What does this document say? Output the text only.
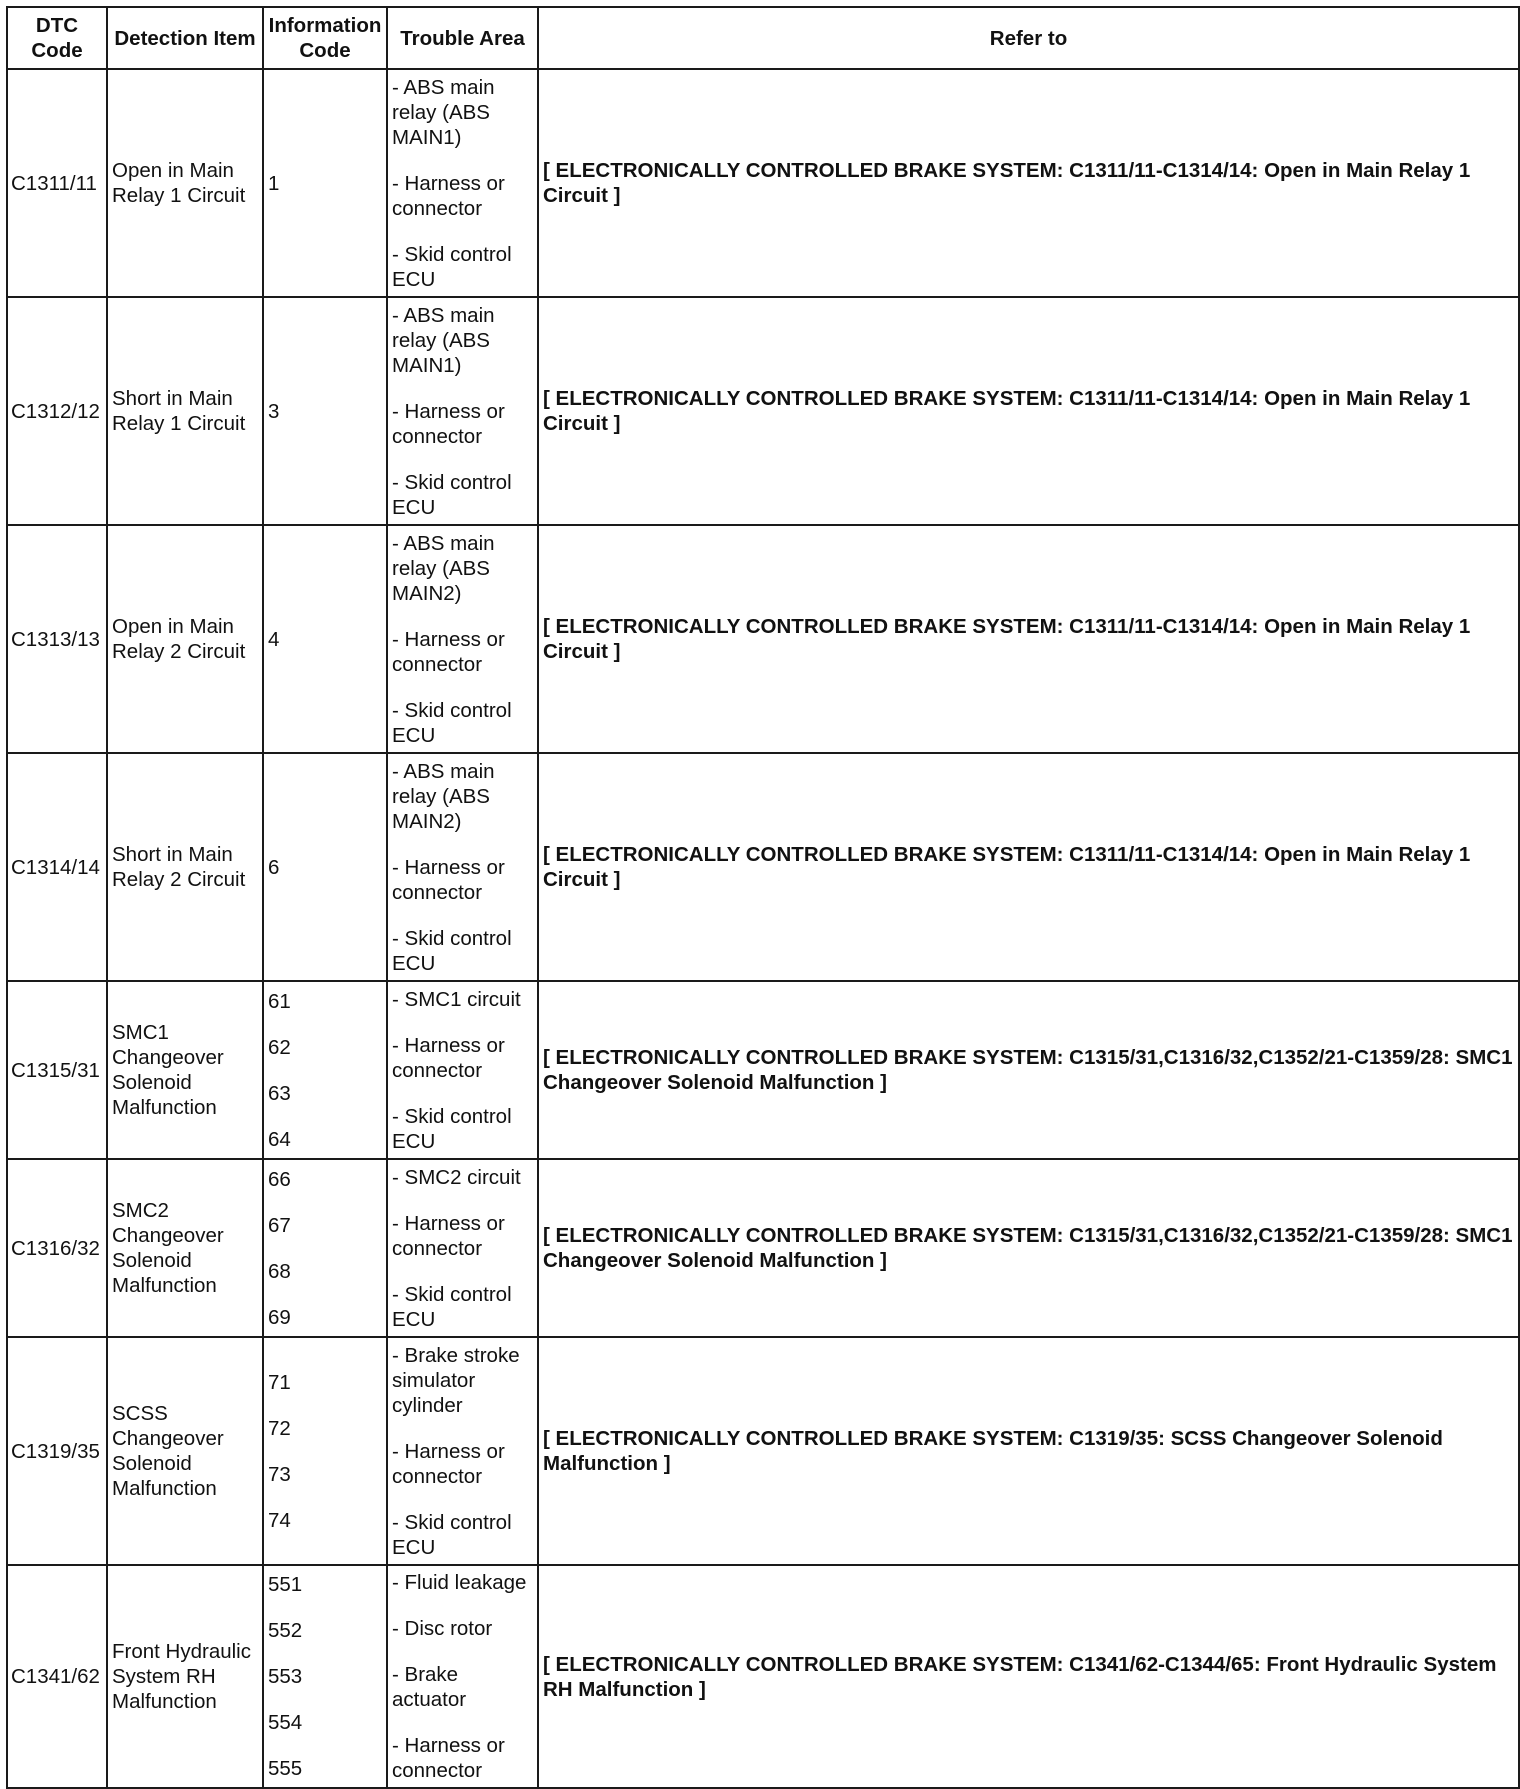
DTC Code	Detection Item	Information Code	Trouble Area	Refer to
C1311/11	Open in Main Relay 1 Circuit	1	- ABS main relay (ABS MAIN1)
- Harness or connector
- Skid control ECU	[ ELECTRONICALLY CONTROLLED BRAKE SYSTEM: C1311/11-C1314/14: Open in Main Relay 1 Circuit ]
C1312/12	Short in Main Relay 1 Circuit	3	- ABS main relay (ABS MAIN1)
- Harness or connector
- Skid control ECU	[ ELECTRONICALLY CONTROLLED BRAKE SYSTEM: C1311/11-C1314/14: Open in Main Relay 1 Circuit ]
C1313/13	Open in Main Relay 2 Circuit	4	- ABS main relay (ABS MAIN2)
- Harness or connector
- Skid control ECU	[ ELECTRONICALLY CONTROLLED BRAKE SYSTEM: C1311/11-C1314/14: Open in Main Relay 1 Circuit ]
C1314/14	Short in Main Relay 2 Circuit	6	- ABS main relay (ABS MAIN2)
- Harness or connector
- Skid control ECU	[ ELECTRONICALLY CONTROLLED BRAKE SYSTEM: C1311/11-C1314/14: Open in Main Relay 1 Circuit ]
C1315/31	SMC1 Changeover Solenoid Malfunction	61
62
63
64	- SMC1 circuit
- Harness or connector
- Skid control ECU	[ ELECTRONICALLY CONTROLLED BRAKE SYSTEM: C1315/31,C1316/32,C1352/21-C1359/28: SMC1 Changeover Solenoid Malfunction ]
C1316/32	SMC2 Changeover Solenoid Malfunction	66
67
68
69	- SMC2 circuit
- Harness or connector
- Skid control ECU	[ ELECTRONICALLY CONTROLLED BRAKE SYSTEM: C1315/31,C1316/32,C1352/21-C1359/28: SMC1 Changeover Solenoid Malfunction ]
C1319/35	SCSS Changeover Solenoid Malfunction	71
72
73
74	- Brake stroke simulator cylinder
- Harness or connector
- Skid control ECU	[ ELECTRONICALLY CONTROLLED BRAKE SYSTEM: C1319/35: SCSS Changeover Solenoid Malfunction ]
C1341/62	Front Hydraulic System RH Malfunction	551
552
553
554
555	- Fluid leakage
- Disc rotor
- Brake actuator
- Harness or connector	[ ELECTRONICALLY CONTROLLED BRAKE SYSTEM: C1341/62-C1344/65: Front Hydraulic System RH Malfunction ]
